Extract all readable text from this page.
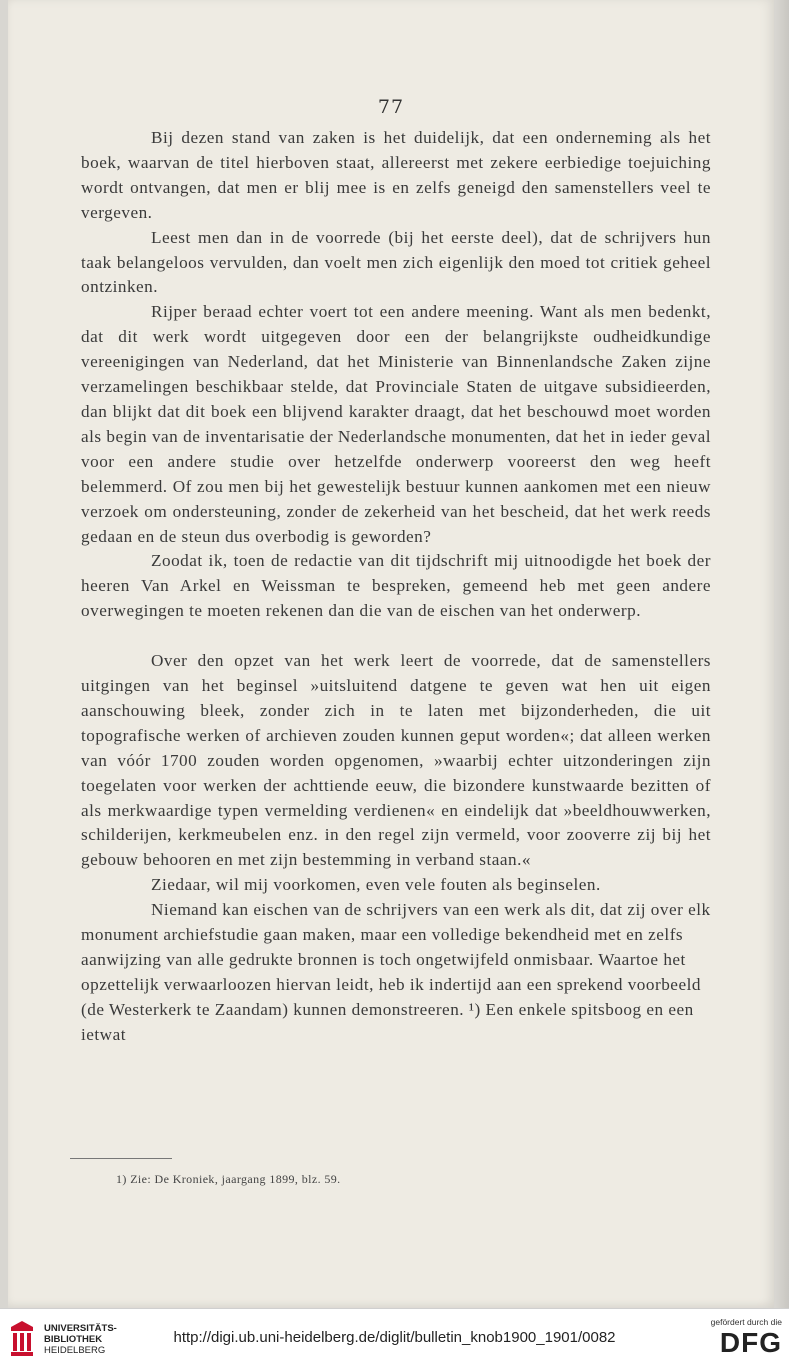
77

Bij dezen stand van zaken is het duidelijk, dat een onderneming als het boek, waarvan de titel hierboven staat, allereerst met zekere eerbiedige toejuiching wordt ontvangen, dat men er blij mee is en zelfs geneigd den samenstellers veel te vergeven.

Leest men dan in de voorrede (bij het eerste deel), dat de schrijvers hun taak belangeloos vervulden, dan voelt men zich eigenlijk den moed tot critiek geheel ontzinken.

Rijper beraad echter voert tot een andere meening. Want als men bedenkt, dat dit werk wordt uitgegeven door een der belangrijkste oudheidkundige vereenigingen van Nederland, dat het Ministerie van Binnenlandsche Zaken zijne verzamelingen beschikbaar stelde, dat Provinciale Staten de uitgave subsidieerden, dan blijkt dat dit boek een blijvend karakter draagt, dat het beschouwd moet worden als begin van de inventarisatie der Nederlandsche monumenten, dat het in ieder geval voor een andere studie over hetzelfde onderwerp vooreerst den weg heeft belemmerd. Of zou men bij het gewestelijk bestuur kunnen aankomen met een nieuw verzoek om ondersteuning, zonder de zekerheid van het bescheid, dat het werk reeds gedaan en de steun dus overbodig is geworden?

Zoodat ik, toen de redactie van dit tijdschrift mij uitnoodigde het boek der heeren Van Arkel en Weissman te bespreken, gemeend heb met geen andere overwegingen te moeten rekenen dan die van de eischen van het onderwerp.

Over den opzet van het werk leert de voorrede, dat de samenstellers uitgingen van het beginsel »uitsluitend datgene te geven wat hen uit eigen aanschouwing bleek, zonder zich in te laten met bijzonderheden, die uit topografische werken of archieven zouden kunnen geput worden«; dat alleen werken van vóór 1700 zouden worden opgenomen, »waarbij echter uitzonderingen zijn toegelaten voor werken der achttiende eeuw, die bizondere kunstwaarde bezitten of als merkwaardige typen vermelding verdienen« en eindelijk dat »beeldhouwwerken, schilderijen, kerkmeubelen enz. in den regel zijn vermeld, voor zooverre zij bij het gebouw behooren en met zijn bestemming in verband staan.«

Ziedaar, wil mij voorkomen, even vele fouten als beginselen.

Niemand kan eischen van de schrijvers van een werk als dit, dat zij over elk monument archiefstudie gaan maken, maar een volledige bekendheid met en zelfs aanwijzing van alle gedrukte bronnen is toch ongetwijfeld onmisbaar. Waartoe het opzettelijk verwaarloozen hiervan leidt, heb ik indertijd aan een sprekend voorbeeld (de Westerkerk te Zaandam) kunnen demonstreeren. ¹) Een enkele spitsboog en een ietwat

1) Zie: De Kroniek, jaargang 1899, blz. 59.
UNIVERSITÄTS-
BIBLIOTHEK
HEIDELBERG
http://digi.ub.uni-heidelberg.de/diglit/bulletin_knob1900_1901/0082
gefördert durch die
DFG
